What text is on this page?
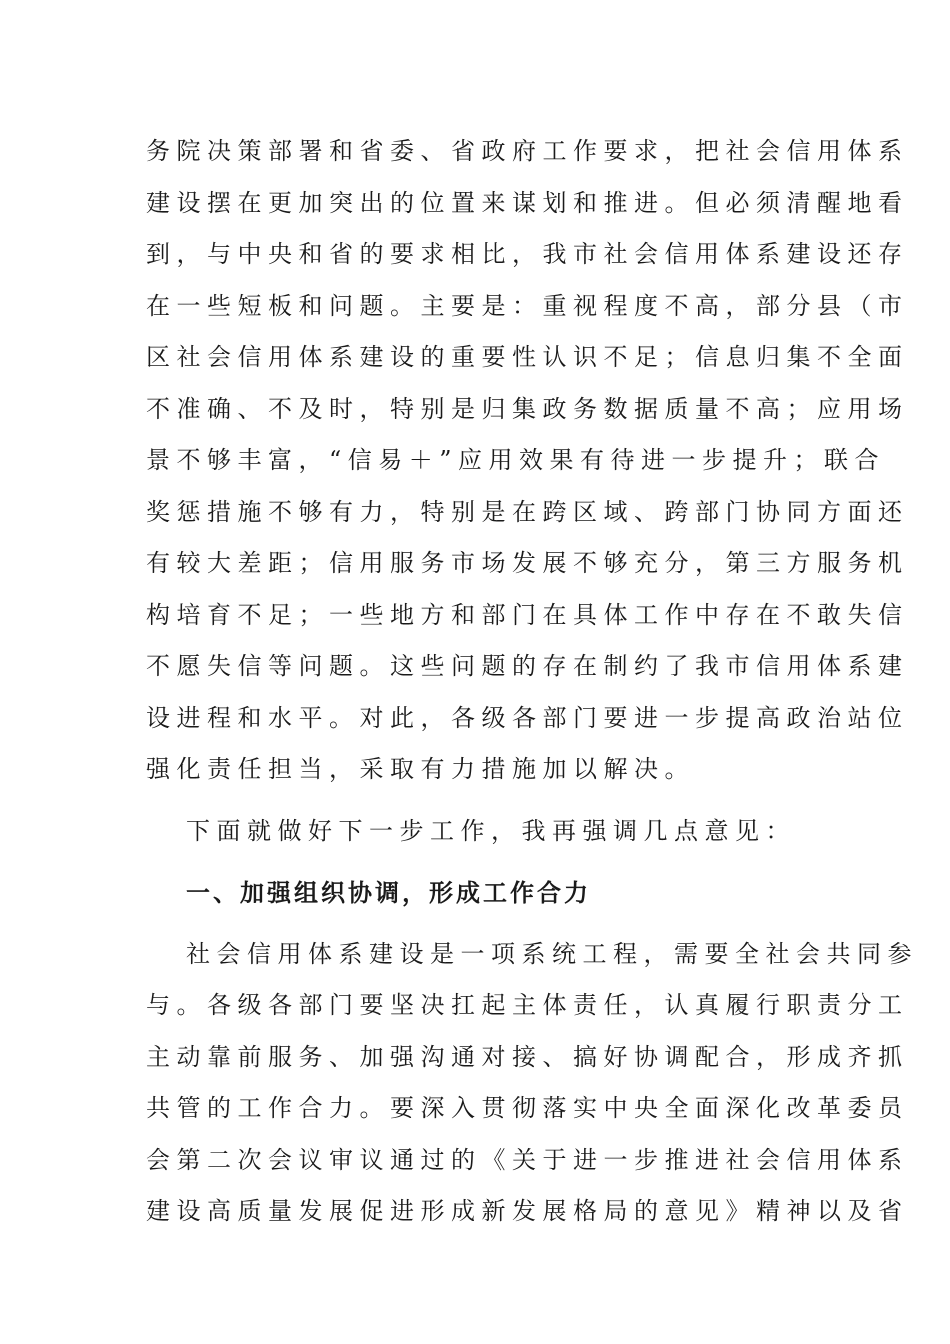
务院决策部署和省委、省政府工作要求，把社会信用体系
建设摆在更加突出的位置来谋划和推进。但必须清醒地看
到，与中央和省的要求相比，我市社会信用体系建设还存
在一些短板和问题。主要是：重视程度不高，部分县（市
区社会信用体系建设的重要性认识不足；信息归集不全面
不准确、不及时，特别是归集政务数据质量不高；应用场
景不够丰富，“信易＋”应用效果有待进一步提升；联合
奖惩措施不够有力，特别是在跨区域、跨部门协同方面还
有较大差距；信用服务市场发展不够充分，第三方服务机
构培育不足；一些地方和部门在具体工作中存在不敢失信
不愿失信等问题。这些问题的存在制约了我市信用体系建
设进程和水平。对此，各级各部门要进一步提高政治站位
强化责任担当，采取有力措施加以解决。
下面就做好下一步工作，我再强调几点意见：
一、加强组织协调，形成工作合力
社会信用体系建设是一项系统工程，需要全社会共同参
与。各级各部门要坚决扛起主体责任，认真履行职责分工
主动靠前服务、加强沟通对接、搞好协调配合，形成齐抓
共管的工作合力。要深入贯彻落实中央全面深化改革委员
会第二次会议审议通过的《关于进一步推进社会信用体系
建设高质量发展促进形成新发展格局的意见》精神以及省
